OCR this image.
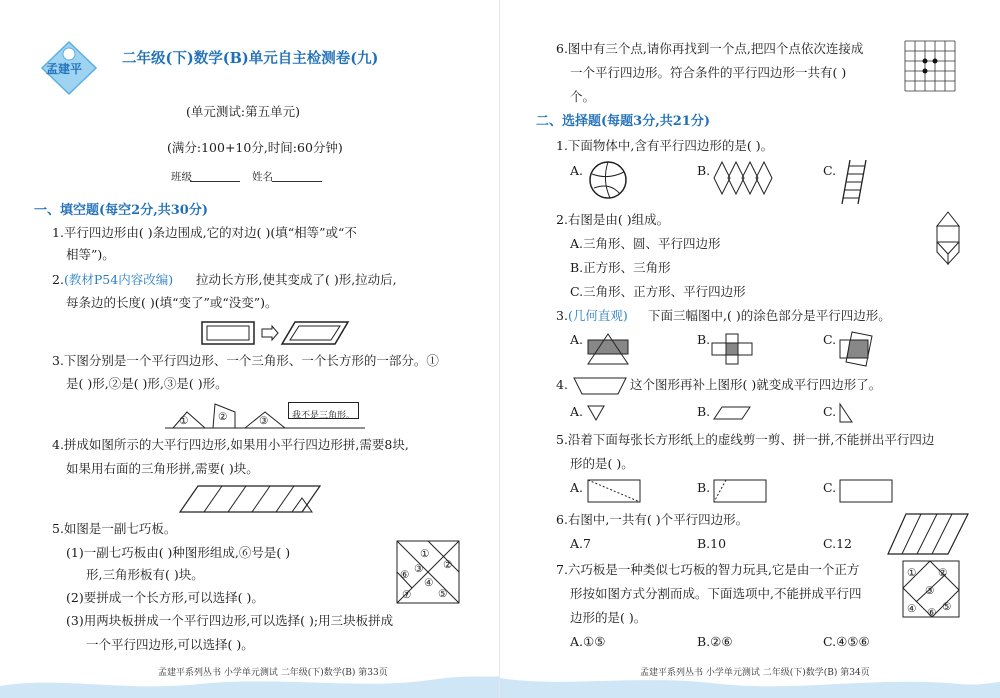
孟建平
二年级(下)数学(B)单元自主检测卷(九)
(单元测试:第五单元)
(满分:100+10分,时间:60分钟)
班级	姓名
一、填空题(每空2分,共30分)
1.平行四边形由( )条边围成,它的对边( )(填“相等”或“不
相等”)。
2. (教材P54内容改编) 拉动长方形,使其变成了( )形,拉动后,
每条边的长度( )(填“变了”或“没变”)。
3.下图分别是一个平行四边形、一个三角形、一个长方形的一部分。①
是( )形,②是( )形,③是( )形。
①	②	③	我不是三角形。
4.拼成如图所示的大平行四边形,如果用小平行四边形拼,需要8块,
如果用右面的三角形拼,需要( )块。
5.如图是一副七巧板。
(1)一副七巧板由( )种图形组成,⑥号是( )
形,三角形板有( )块。
(2)要拼成一个长方形,可以选择( )。
(3)用两块板拼成一个平行四边形,可以选择( );用三块板拼成
一个平行四边形,可以选择( )。
①
②
③
④
⑤
⑥
⑦
孟建平系列丛书 小学单元测试 二年级(下)数学(B) 第33页
6.图中有三个点,请你再找到一个点,把四个点依次连接成
一个平行四边形。符合条件的平行四边形一共有( )
个。
二、选择题(每题3分,共21分)
1.下面物体中,含有平行四边形的是( )。
A.	B.	C.
2.右图是由( )组成。
A.三角形、圆、平行四边形
B.正方形、三角形
C.三角形、正方形、平行四边形
3. (几何直观) 下面三幅图中,( )的涂色部分是平行四边形。
A.	B.	C.
4.	这个图形再补上图形( )就变成平行四边形了。
A.	B.	C.
5.沿着下面每张长方形纸上的虚线剪一剪、拼一拼,不能拼出平行四边
形的是( )。
A.	B.	C.
6.右图中,一共有( )个平行四边形。
A.7	B.10	C.12
7.六巧板是一种类似七巧板的智力玩具,它是由一个正方
形按如图方式分割而成。下面选项中,不能拼成平行四
边形的是( )。
A.①⑤	B.②⑥	C.④⑤⑥
① ②
③
④ ⑤
⑥
孟建平系列丛书 小学单元测试 二年级(下)数学(B) 第34页
